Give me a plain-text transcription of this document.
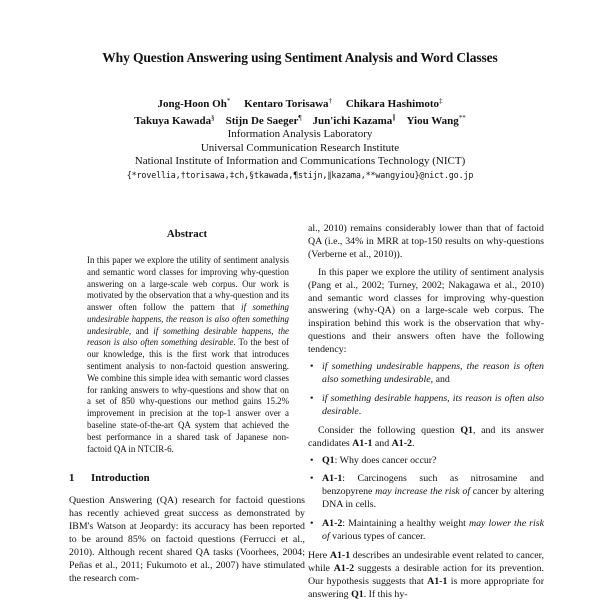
Why Question Answering using Sentiment Analysis and Word Classes
Jong-Hoon Oh* Kentaro Torisawa† Chikara Hashimoto‡
Takuya Kawada§ Stijn De Saeger¶ Jun'ichi Kazama∥ Yiou Wang**
Information Analysis Laboratory
Universal Communication Research Institute
National Institute of Information and Communications Technology (NICT)
{*rovellia,†torisawa,‡ch,§tkawada,¶stijn,∥kazama,**wangyiou}@nict.go.jp
Abstract
In this paper we explore the utility of sentiment analysis and semantic word classes for improving why-question answering on a large-scale web corpus. Our work is motivated by the observation that a why-question and its answer often follow the pattern that if something undesirable happens, the reason is also often something undesirable, and if something desirable happens, the reason is also often something desirable. To the best of our knowledge, this is the first work that introduces sentiment analysis to non-factoid question answering. We combine this simple idea with semantic word classes for ranking answers to why-questions and show that on a set of 850 why-questions our method gains 15.2% improvement in precision at the top-1 answer over a baseline state-of-the-art QA system that achieved the best performance in a shared task of Japanese non-factoid QA in NTCIR-6.
1 Introduction

Question Answering (QA) research for factoid questions has recently achieved great success as demonstrated by IBM's Watson at Jeopardy: its accuracy has been reported to be around 85% on factoid questions (Ferrucci et al., 2010). Although recent shared QA tasks (Voorhees, 2004; Peñas et al., 2011; Fukumoto et al., 2007) have stimulated the research com-

al., 2010) remains considerably lower than that of factoid QA (i.e., 34% in MRR at top-150 results on why-questions (Verberne et al., 2010)).

In this paper we explore the utility of sentiment analysis (Pang et al., 2002; Turney, 2002; Nakagawa et al., 2010) and semantic word classes for improving why-question answering (why-QA) on a large-scale web corpus. The inspiration behind this work is the observation that why-questions and their answers often have the following tendency:

• if something undesirable happens, the reason is often also something undesirable, and
• if something desirable happens, its reason is often also desirable.

Consider the following question Q1, and its answer candidates A1-1 and A1-2.

• Q1: Why does cancer occur?
• A1-1: Carcinogens such as nitrosamine and benzopyrene may increase the risk of cancer by altering DNA in cells.
• A1-2: Maintaining a healthy weight may lower the risk of various types of cancer.

Here A1-1 describes an undesirable event related to cancer, while A1-2 suggests a desirable action for its prevention. Our hypothesis suggests that A1-1 is more appropriate for answering Q1. If this hy-
